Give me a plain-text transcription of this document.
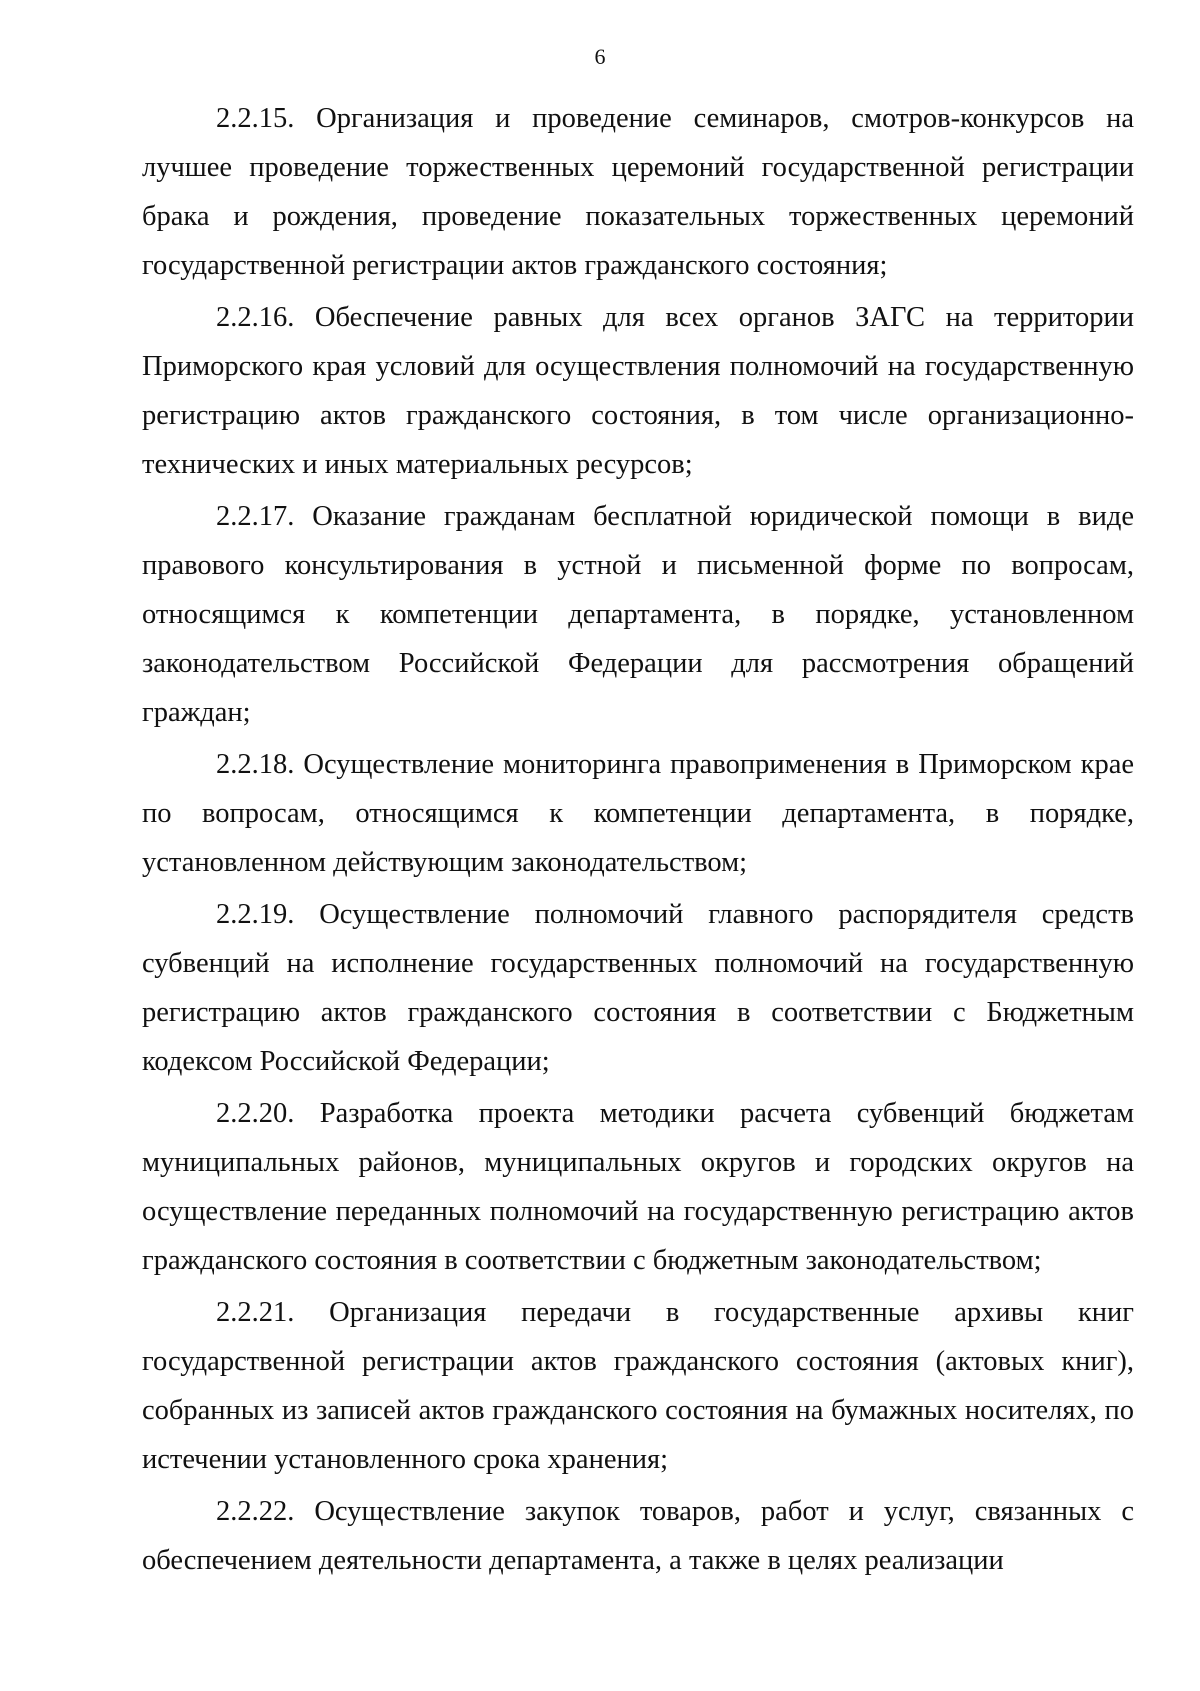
6

2.2.15. Организация и проведение семинаров, смотров-конкурсов на лучшее проведение торжественных церемоний государственной регистрации брака и рождения, проведение показательных торжественных церемоний государственной регистрации актов гражданского состояния;

2.2.16. Обеспечение равных для всех органов ЗАГС на территории Приморского края условий для осуществления полномочий на государственную регистрацию актов гражданского состояния, в том числе организационно-технических и иных материальных ресурсов;

2.2.17. Оказание гражданам бесплатной юридической помощи в виде правового консультирования в устной и письменной форме по вопросам, относящимся к компетенции департамента, в порядке, установленном законодательством Российской Федерации для рассмотрения обращений граждан;

2.2.18. Осуществление мониторинга правоприменения в Приморском крае по вопросам, относящимся к компетенции департамента, в порядке, установленном действующим законодательством;

2.2.19. Осуществление полномочий главного распорядителя средств субвенций на исполнение государственных полномочий на государственную регистрацию актов гражданского состояния в соответствии с Бюджетным кодексом Российской Федерации;

2.2.20. Разработка проекта методики расчета субвенций бюджетам муниципальных районов, муниципальных округов и городских округов на осуществление переданных полномочий на государственную регистрацию актов гражданского состояния в соответствии с бюджетным законодательством;

2.2.21. Организация передачи в государственные архивы книг государственной регистрации актов гражданского состояния (актовых книг), собранных из записей актов гражданского состояния на бумажных носителях, по истечении установленного срока хранения;

2.2.22. Осуществление закупок товаров, работ и услуг, связанных с обеспечением деятельности департамента, а также в целях реализации
